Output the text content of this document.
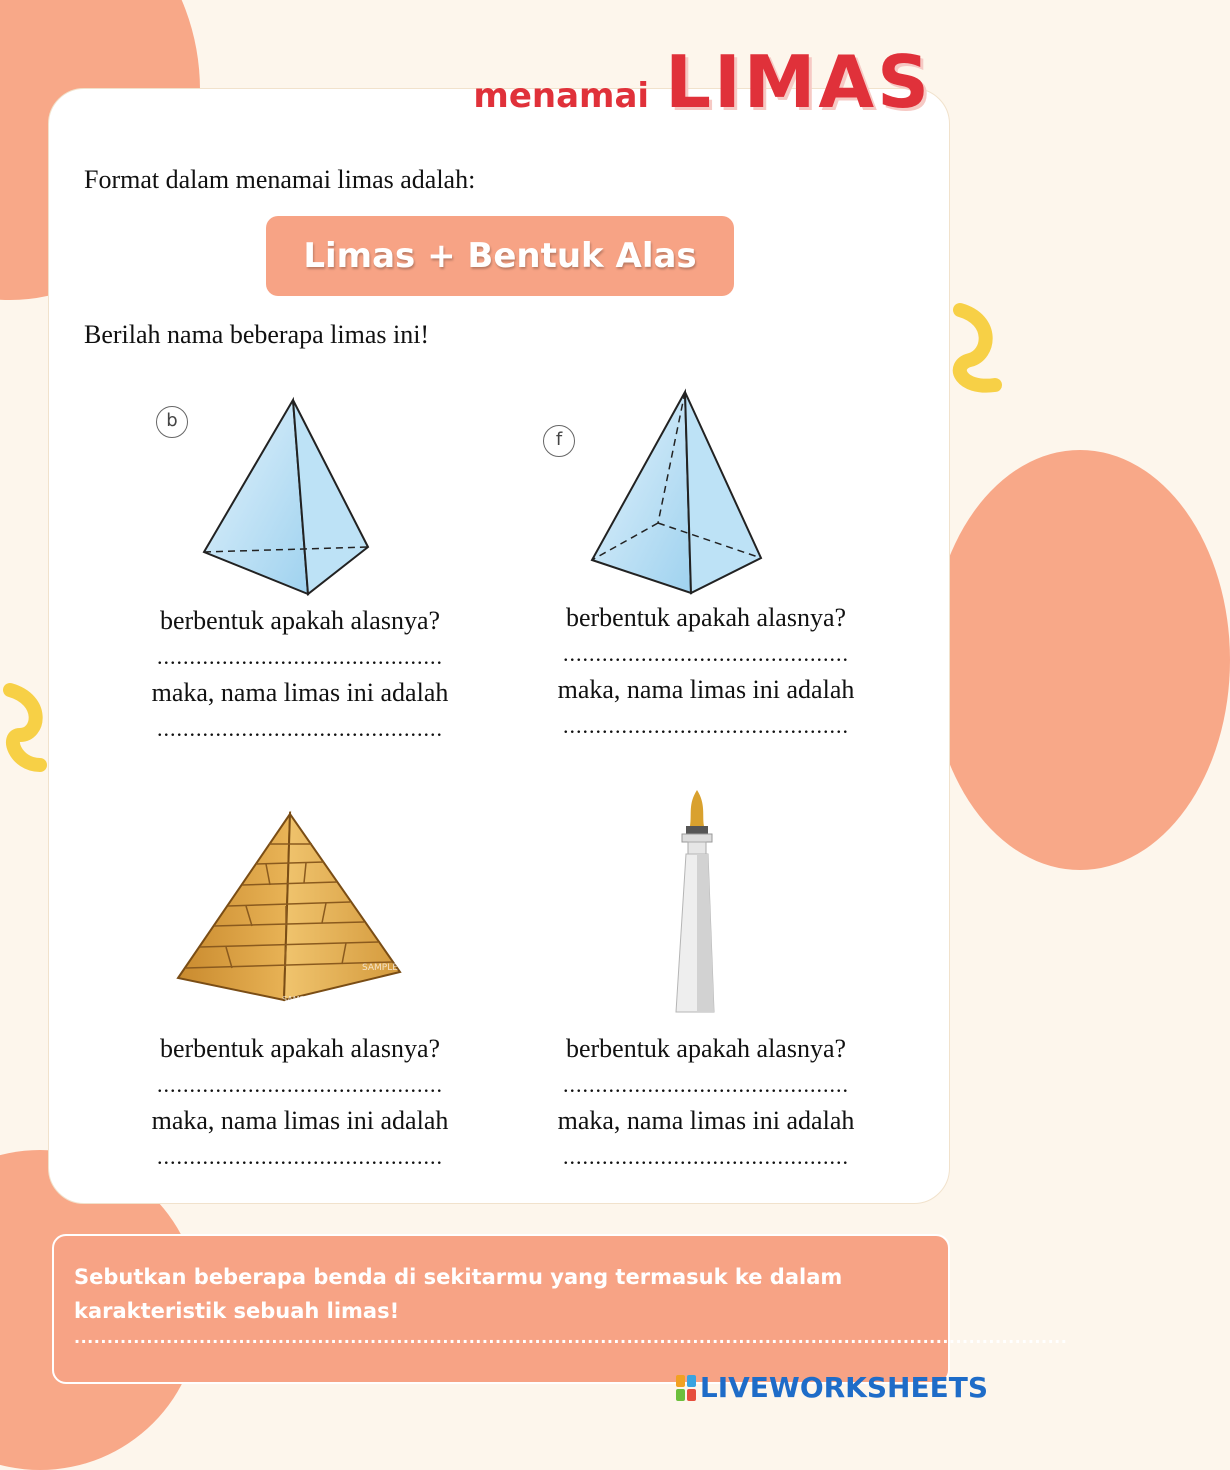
menamai LIMAS
Format dalam menamai limas adalah:
Limas + Bentuk Alas
Berilah nama beberapa limas ini!
b
f
SAMPLE
SAMPLE
berbentuk apakah alasnya?
............................................
maka, nama limas ini adalah
............................................
berbentuk apakah alasnya?
............................................
maka, nama limas ini adalah
............................................
berbentuk apakah alasnya?
............................................
maka, nama limas ini adalah
............................................
berbentuk apakah alasnya?
............................................
maka, nama limas ini adalah
............................................
Sebutkan beberapa benda di sekitarmu yang termasuk ke dalam karakteristik sebuah limas!
.......................................................................................................................................................
LIVEWORKSHEETS
